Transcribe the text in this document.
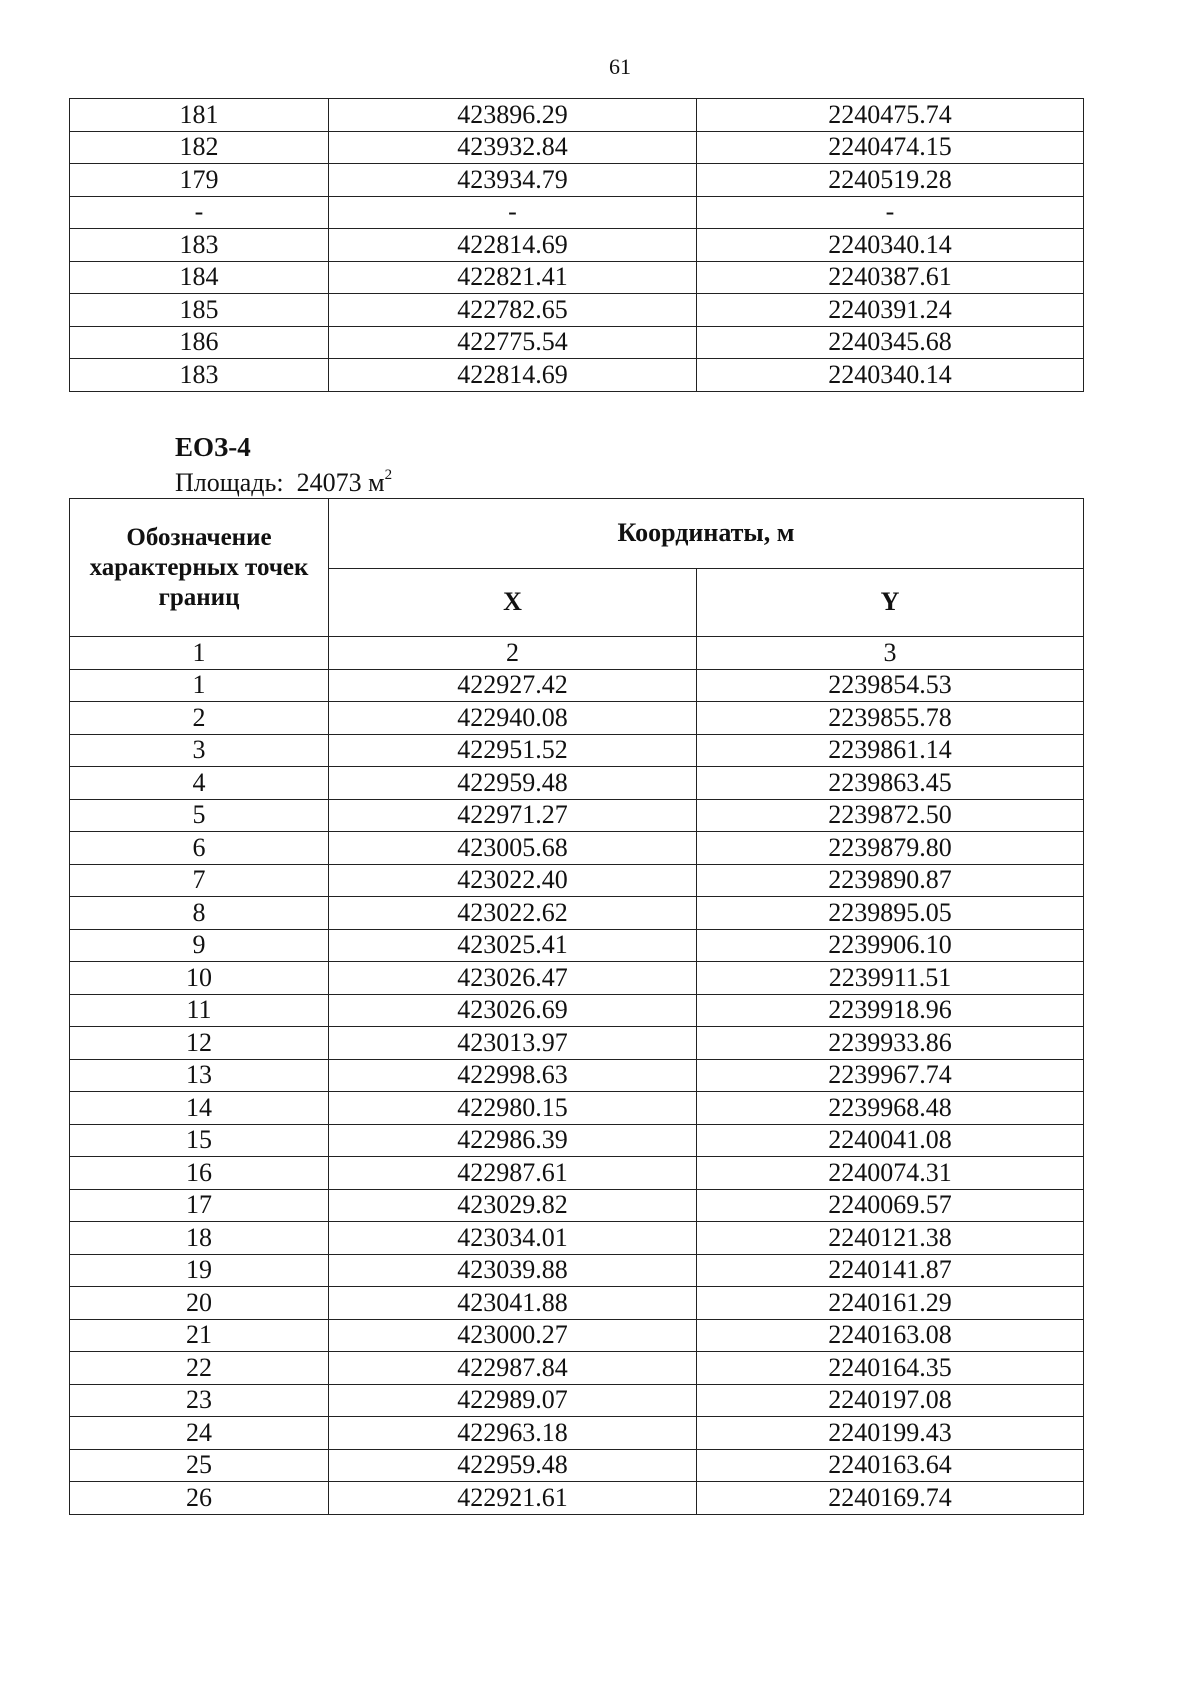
61
181	423896.29	2240475.74
182	423932.84	2240474.15
179	423934.79	2240519.28
-	-	-
183	422814.69	2240340.14
184	422821.41	2240387.61
185	422782.65	2240391.24
186	422775.54	2240345.68
183	422814.69	2240340.14
ЕОЗ-4
Площадь: 24073 $м^2$
Обозначение характерных точек границ	Координаты, м	
	X	Y
1	2	3
1	422927.42	2239854.53
2	422940.08	2239855.78
3	422951.52	2239861.14
4	422959.48	2239863.45
5	422971.27	2239872.50
6	423005.68	2239879.80
7	423022.40	2239890.87
8	423022.62	2239895.05
9	423025.41	2239906.10
10	423026.47	2239911.51
11	423026.69	2239918.96
12	423013.97	2239933.86
13	422998.63	2239967.74
14	422980.15	2239968.48
15	422986.39	2240041.08
16	422987.61	2240074.31
17	423029.82	2240069.57
18	423034.01	2240121.38
19	423039.88	2240141.87
20	423041.88	2240161.29
21	423000.27	2240163.08
22	422987.84	2240164.35
23	422989.07	2240197.08
24	422963.18	2240199.43
25	422959.48	2240163.64
26	422921.61	2240169.74
